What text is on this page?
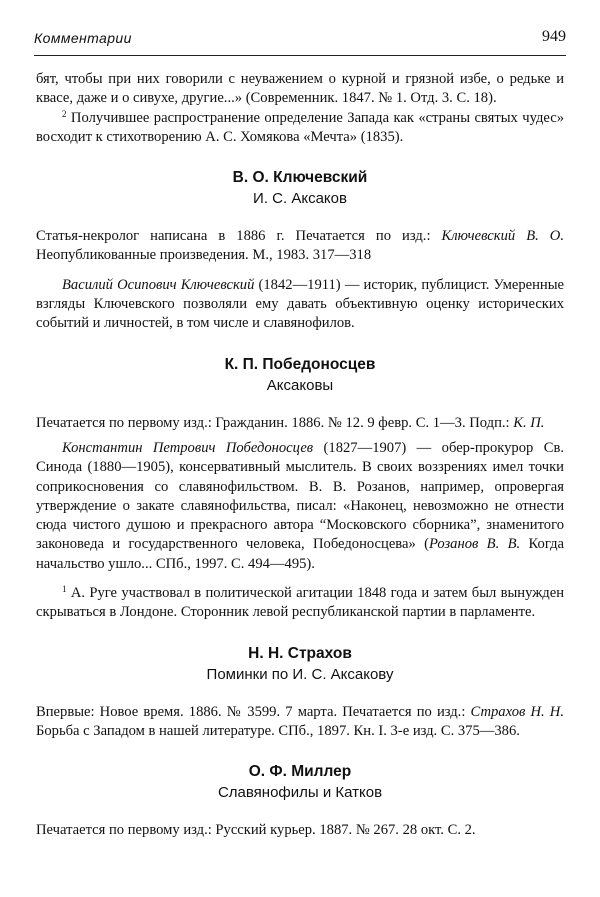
Комментарии	949

бят, чтобы при них говорили с неуважением о курной и грязной избе, о редьке и квасе, даже и о сивухе, другие...» (Современник. 1847. № 1. Отд. 3. С. 18).

$^2$ Получившее распространение определение Запада как «страны святых чудес» восходит к стихотворению А. С. Хомякова «Мечта» (1835).

В. О. Ключевский
И. С. Аксаков

Статья-некролог написана в 1886 г. Печатается по изд.: Ключевский В. О. Неопубликованные произведения. М., 1983. 317—318

Василий Осипович Ключевский (1842—1911) — историк, публицист. Умеренные взгляды Ключевского позволяли ему давать объективную оценку исторических событий и личностей, в том числе и славянофилов.

К. П. Победоносцев
Аксаковы

Печатается по первому изд.: Гражданин. 1886. № 12. 9 февр. С. 1—3. Подп.: К. П.

Константин Петрович Победоносцев (1827—1907) — обер-прокурор Св. Синода (1880—1905), консервативный мыслитель. В своих воззрениях имел точки соприкосновения со славянофильством. В. В. Розанов, например, опровергая утверждение о закате славянофильства, писал: «Наконец, невозможно не отнести сюда чистого душою и прекрасного автора “Московского сборника”, знаменитого законоведа и государственного человека, Победоносцева» (Розанов В. В. Когда начальство ушло... СПб., 1997. С. 494—495).

$^1$ А. Руге участвовал в политической агитации 1848 года и затем был вынужден скрываться в Лондоне. Сторонник левой республиканской партии в парламенте.

Н. Н. Страхов
Поминки по И. С. Аксакову

Впервые: Новое время. 1886. № 3599. 7 марта. Печатается по изд.: Страхов Н. Н. Борьба с Западом в нашей литературе. СПб., 1897. Кн. I. 3-е изд. С. 375—386.

О. Ф. Миллер
Славянофилы и Катков

Печатается по первому изд.: Русский курьер. 1887. № 267. 28 окт. С. 2.
